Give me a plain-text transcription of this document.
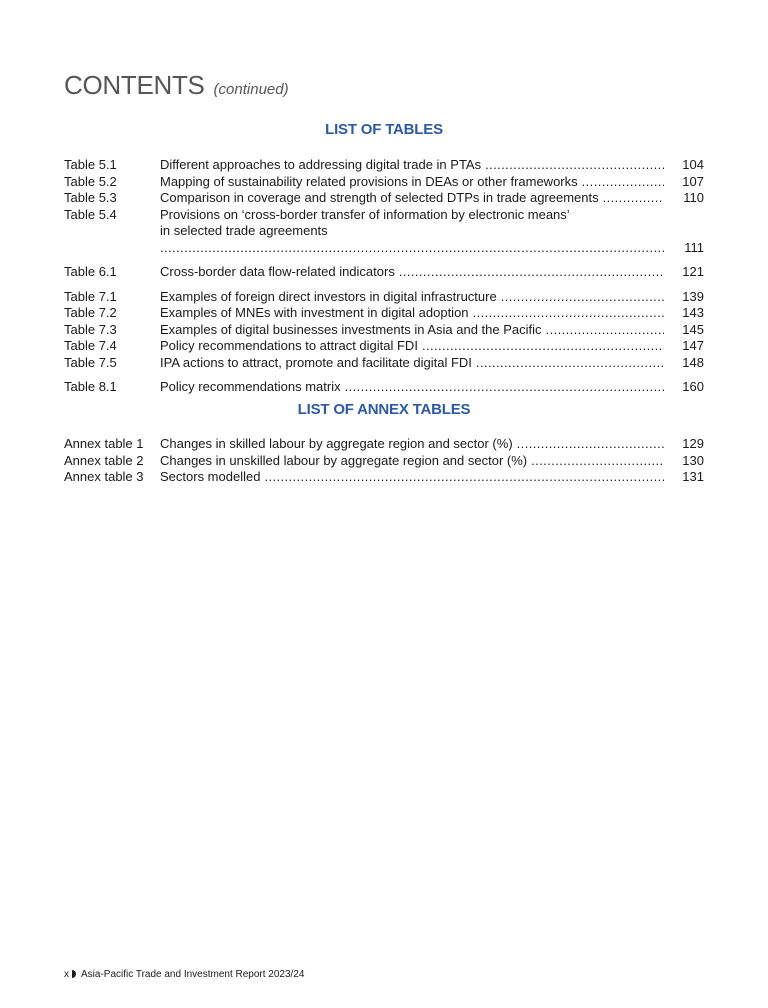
CONTENTS (continued)
LIST OF TABLES
Table 5.1	Different approaches to addressing digital trade in PTAs .....	104
Table 5.2	Mapping of sustainability related provisions in DEAs or other frameworks .....	107
Table 5.3	Comparison in coverage and strength of selected DTPs in trade agreements .....	110
Table 5.4	Provisions on ‘cross-border transfer of information by electronic means’
in selected trade agreements .....
111
Table 6.1	Cross-border data flow-related indicators .....	121
Table 7.1	Examples of foreign direct investors in digital infrastructure .....	139
Table 7.2	Examples of MNEs with investment in digital adoption .....	143
Table 7.3	Examples of digital businesses investments in Asia and the Pacific .....	145
Table 7.4	Policy recommendations to attract digital FDI .....	147
Table 7.5	IPA actions to attract, promote and facilitate digital FDI .....	148
Table 8.1	Policy recommendations matrix .....	160
LIST OF ANNEX TABLES
Annex table 1	Changes in skilled labour by aggregate region and sector (%) .....	129
Annex table 2	Changes in unskilled labour by aggregate region and sector (%) .....	130
Annex table 3	Sectors modelled .....	131
x Asia-Pacific Trade and Investment Report 2023/24
